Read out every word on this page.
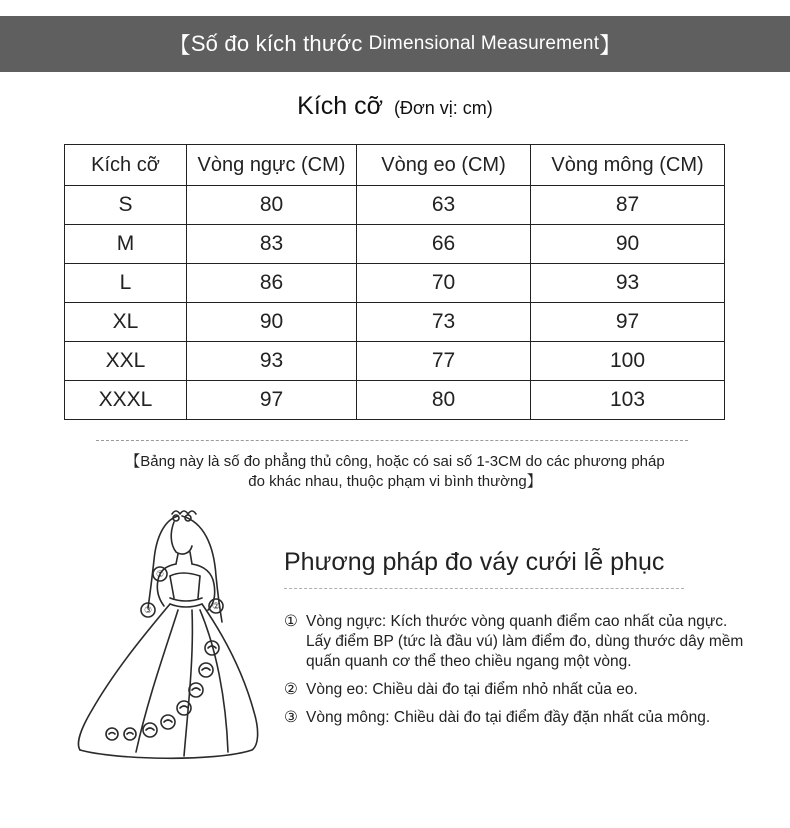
【 Số đo kích thước Dimensional Measurement 】
Kích cỡ (Đơn vị: cm)
Kích cỡ	Vòng ngực (CM)	Vòng eo (CM)	Vòng mông (CM)
S	80	63	87
M	83	66	90
L	86	70	93
XL	90	73	97
XXL	93	77	100
XXXL	97	80	103
【Bảng này là số đo phẳng thủ công, hoặc có sai số 1-3CM do các phương pháp
đo khác nhau, thuộc phạm vi bình thường】
①
②
③
Phương pháp đo váy cưới lễ phục
① Vòng ngực: Kích thước vòng quanh điểm cao nhất của ngực.
Lấy điểm BP (tức là đầu vú) làm điểm đo, dùng thước dây mềm
quấn quanh cơ thể theo chiều ngang một vòng.
② Vòng eo: Chiều dài đo tại điểm nhỏ nhất của eo.
③ Vòng mông: Chiều dài đo tại điểm đầy đặn nhất của mông.
